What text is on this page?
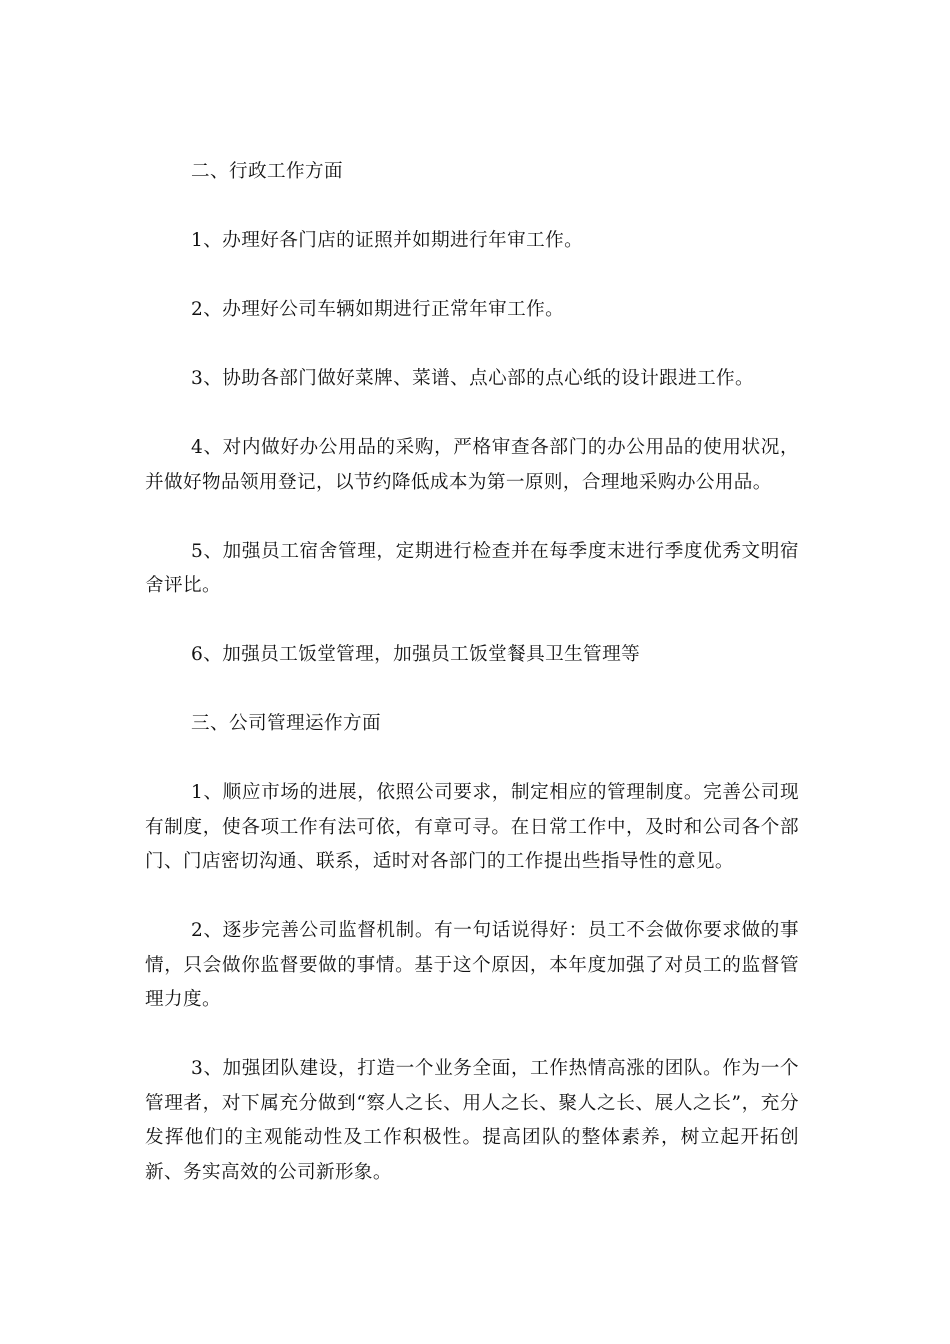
二、行政工作方面

1、办理好各门店的证照并如期进行年审工作。

2、办理好公司车辆如期进行正常年审工作。

3、协助各部门做好菜牌、菜谱、点心部的点心纸的设计跟进工作。

4、对内做好办公用品的采购，严格审查各部门的办公用品的使用状况，并做好物品领用登记，以节约降低成本为第一原则，合理地采购办公用品。

5、加强员工宿舍管理，定期进行检查并在每季度末进行季度优秀文明宿舍评比。

6、加强员工饭堂管理，加强员工饭堂餐具卫生管理等

三、公司管理运作方面

1、顺应市场的进展，依照公司要求，制定相应的管理制度。完善公司现有制度，使各项工作有法可依，有章可寻。在日常工作中，及时和公司各个部门、门店密切沟通、联系，适时对各部门的工作提出些指导性的意见。

2、逐步完善公司监督机制。有一句话说得好：员工不会做你要求做的事情，只会做你监督要做的事情。基于这个原因，本年度加强了对员工的监督管理力度。

3、加强团队建设，打造一个业务全面，工作热情高涨的团队。作为一个管理者，对下属充分做到“察人之长、用人之长、聚人之长、展人之长”，充分发挥他们的主观能动性及工作积极性。提高团队的整体素养，树立起开拓创新、务实高效的公司新形象。
